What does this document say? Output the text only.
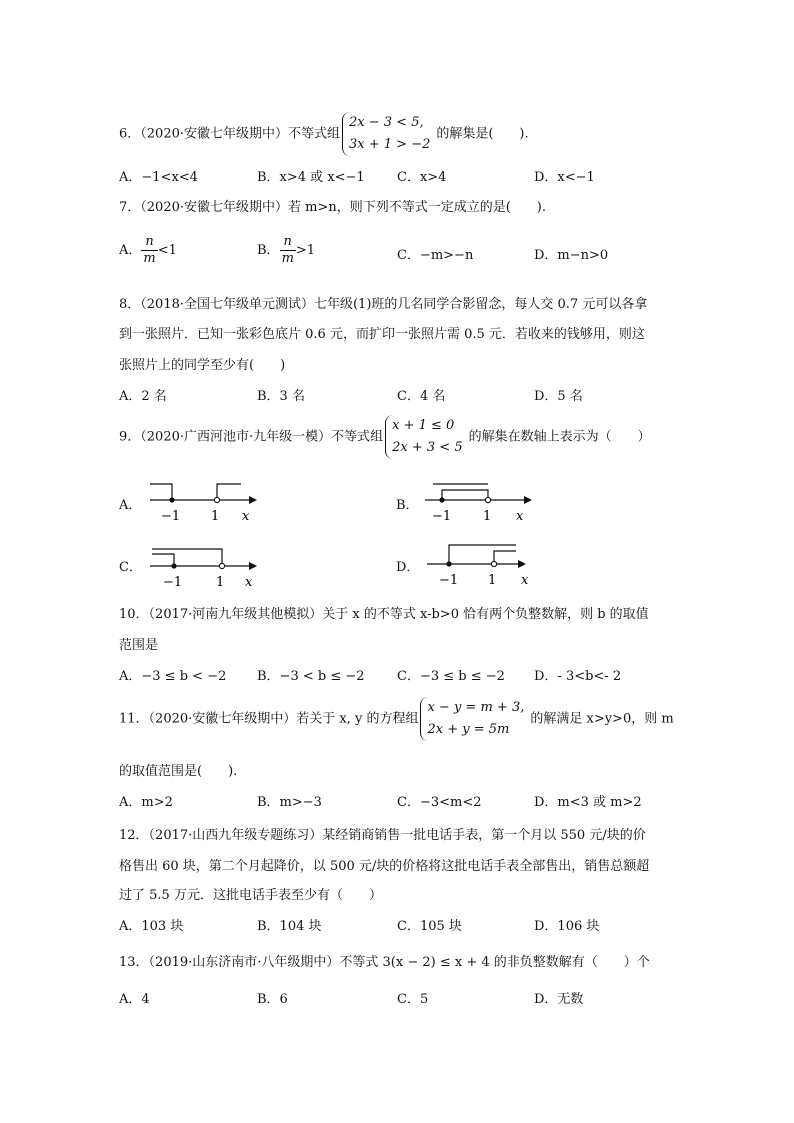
6．（2020·安徽七年级期中）不等式组
2x − 3 < 5,
3x + 1 > −2
的解集是(　　).
A．−1<x<4	B．x>4 或 x<−1 C．x>4	D．x<−1
7．（2020·安徽七年级期中）若 m>n，则下列不等式一定成立的是(　　).
A． $\frac{n}{m} <1$	B． $\frac{n}{m} >1$	C．−m>−n	D．m−n>0
8．（2018·全国七年级单元测试）七年级(1)班的几名同学合影留念，每人交 0.7 元可以各拿
到一张照片．已知一张彩色底片 0.6 元，而扩印一张照片需 0.5 元．若收来的钱够用，则这
张照片上的同学至少有(　　)
A．2 名	B．3 名	C．4 名	D．5 名
9．（2020·广西河池市·九年级一模）不等式组
x + 1 ≤ 0
2x + 3 < 5
的解集在数轴上表示为（　　）
A．
−1 1 x
B．
−1 1 x
C．
−1	1 x
D．
−1 1 x
10．（2017·河南九年级其他模拟）关于 x 的不等式 x-b>0 恰有两个负整数解，则 b 的取值
范围是
A．−3 ≤ b < −2 B．−3 < b ≤ −2 C．−3 ≤ b ≤ −2 D．- 3<b<- 2
11．（2020·安徽七年级期中）若关于 x, y 的方程组
x − y = m + 3,
2x + y = 5m
的解满足 x>y>0，则 m
的取值范围是(　　).
A．m>2	B．m>−3	C．−3<m<2	D．m<3 或 m>2
12．（2017·山西九年级专题练习）某经销商销售一批电话手表，第一个月以 550 元/块的价
格售出 60 块，第二个月起降价，以 500 元/块的价格将这批电话手表全部售出，销售总额超
过了 5.5 万元．这批电话手表至少有（　　）
A．103 块	B．104 块	C．105 块	D．106 块
13．（2019·山东济南市·八年级期中）不等式 3(x − 2) ≤ x + 4 的非负整数解有（　　）个
A．4	B．6	C．5	D．无数
